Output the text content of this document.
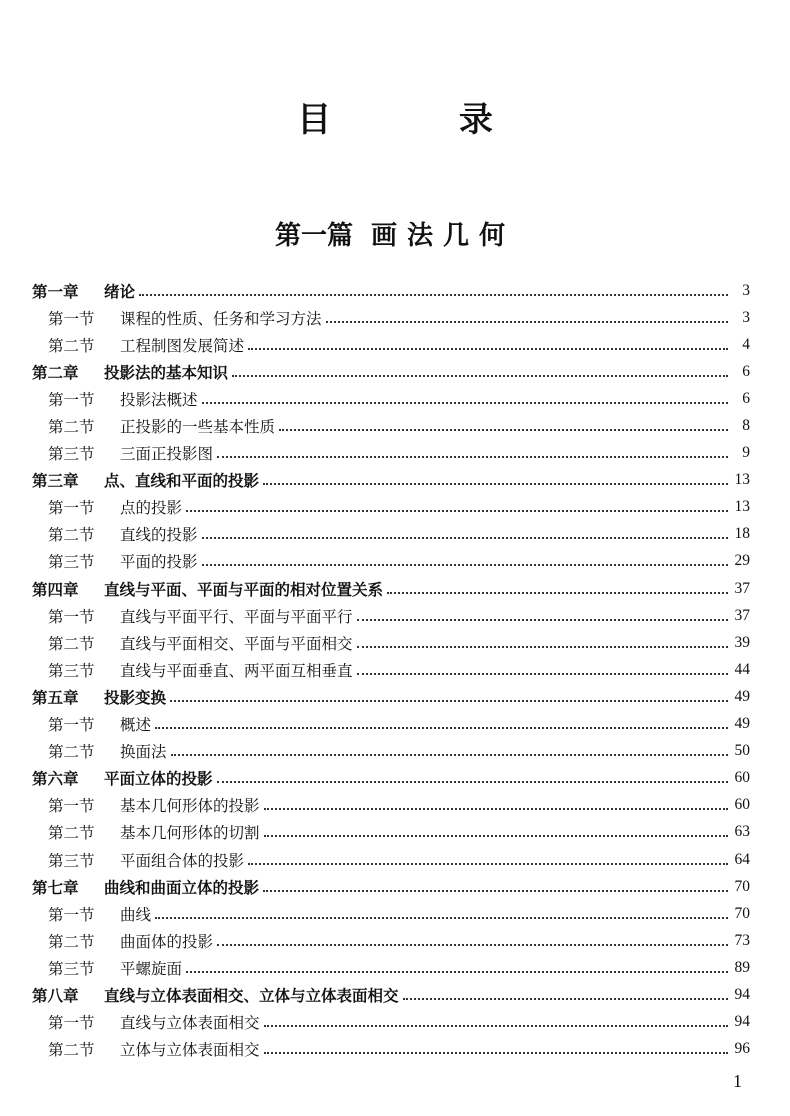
目 录
第一篇 画法几何
第一章	绪论	3
第一节	课程的性质、任务和学习方法	3
第二节	工程制图发展简述	4
第二章	投影法的基本知识	6
第一节	投影法概述	6
第二节	正投影的一些基本性质	8
第三节	三面正投影图	9
第三章	点、直线和平面的投影	13
第一节	点的投影	13
第二节	直线的投影	18
第三节	平面的投影	29
第四章	直线与平面、平面与平面的相对位置关系	37
第一节	直线与平面平行、平面与平面平行	37
第二节	直线与平面相交、平面与平面相交	39
第三节	直线与平面垂直、两平面互相垂直	44
第五章	投影变换	49
第一节	概述	49
第二节	换面法	50
第六章	平面立体的投影	60
第一节	基本几何形体的投影	60
第二节	基本几何形体的切割	63
第三节	平面组合体的投影	64
第七章	曲线和曲面立体的投影	70
第一节	曲线	70
第二节	曲面体的投影	73
第三节	平螺旋面	89
第八章	直线与立体表面相交、立体与立体表面相交	94
第一节	直线与立体表面相交	94
第二节	立体与立体表面相交	96
1
